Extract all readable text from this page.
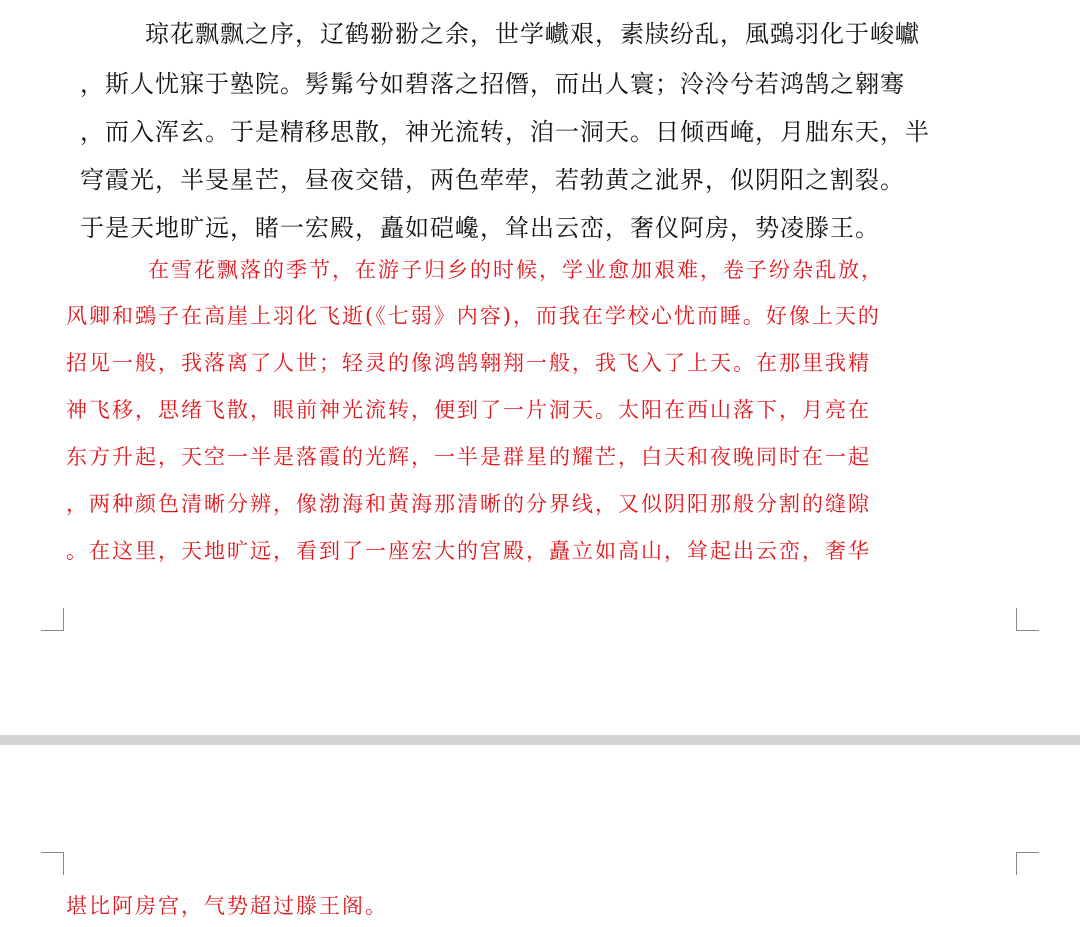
琼花飘飘之序，辽鹤翂翂之余，世学巇艰，素牍纷乱，風鵶羽化于峻巘
，斯人忧寐于塾院。髣髴兮如碧落之招僭，而出人寰；泠泠兮若鸿鹄之翱骞
，而入浑玄。于是精移思散，神光流转，洎一洞天。日倾西崦，月朏东天，半
穹霞光，半旻星芒，昼夜交错，两色荦荦，若勃黄之泚界，似阴阳之割裂。
于是天地旷远，睹一宏殿，矗如硙巉，耸出云峦，奢仪阿房，势凌滕王。
在雪花飘落的季节，在游子归乡的时候，学业愈加艰难，卷子纷杂乱放，
风卿和鵶子在高崖上羽化飞逝(《七弱》内容)，而我在学校心忧而睡。好像上天的
招见一般，我落离了人世；轻灵的像鸿鹄翱翔一般，我飞入了上天。在那里我精
神飞移，思绪飞散，眼前神光流转，便到了一片洞天。太阳在西山落下，月亮在
东方升起，天空一半是落霞的光辉，一半是群星的耀芒，白天和夜晚同时在一起
，两种颜色清晰分辨，像渤海和黄海那清晰的分界线，又似阴阳那般分割的缝隙
。在这里，天地旷远，看到了一座宏大的宫殿，矗立如高山，耸起出云峦，奢华
堪比阿房宫，气势超过滕王阁。
